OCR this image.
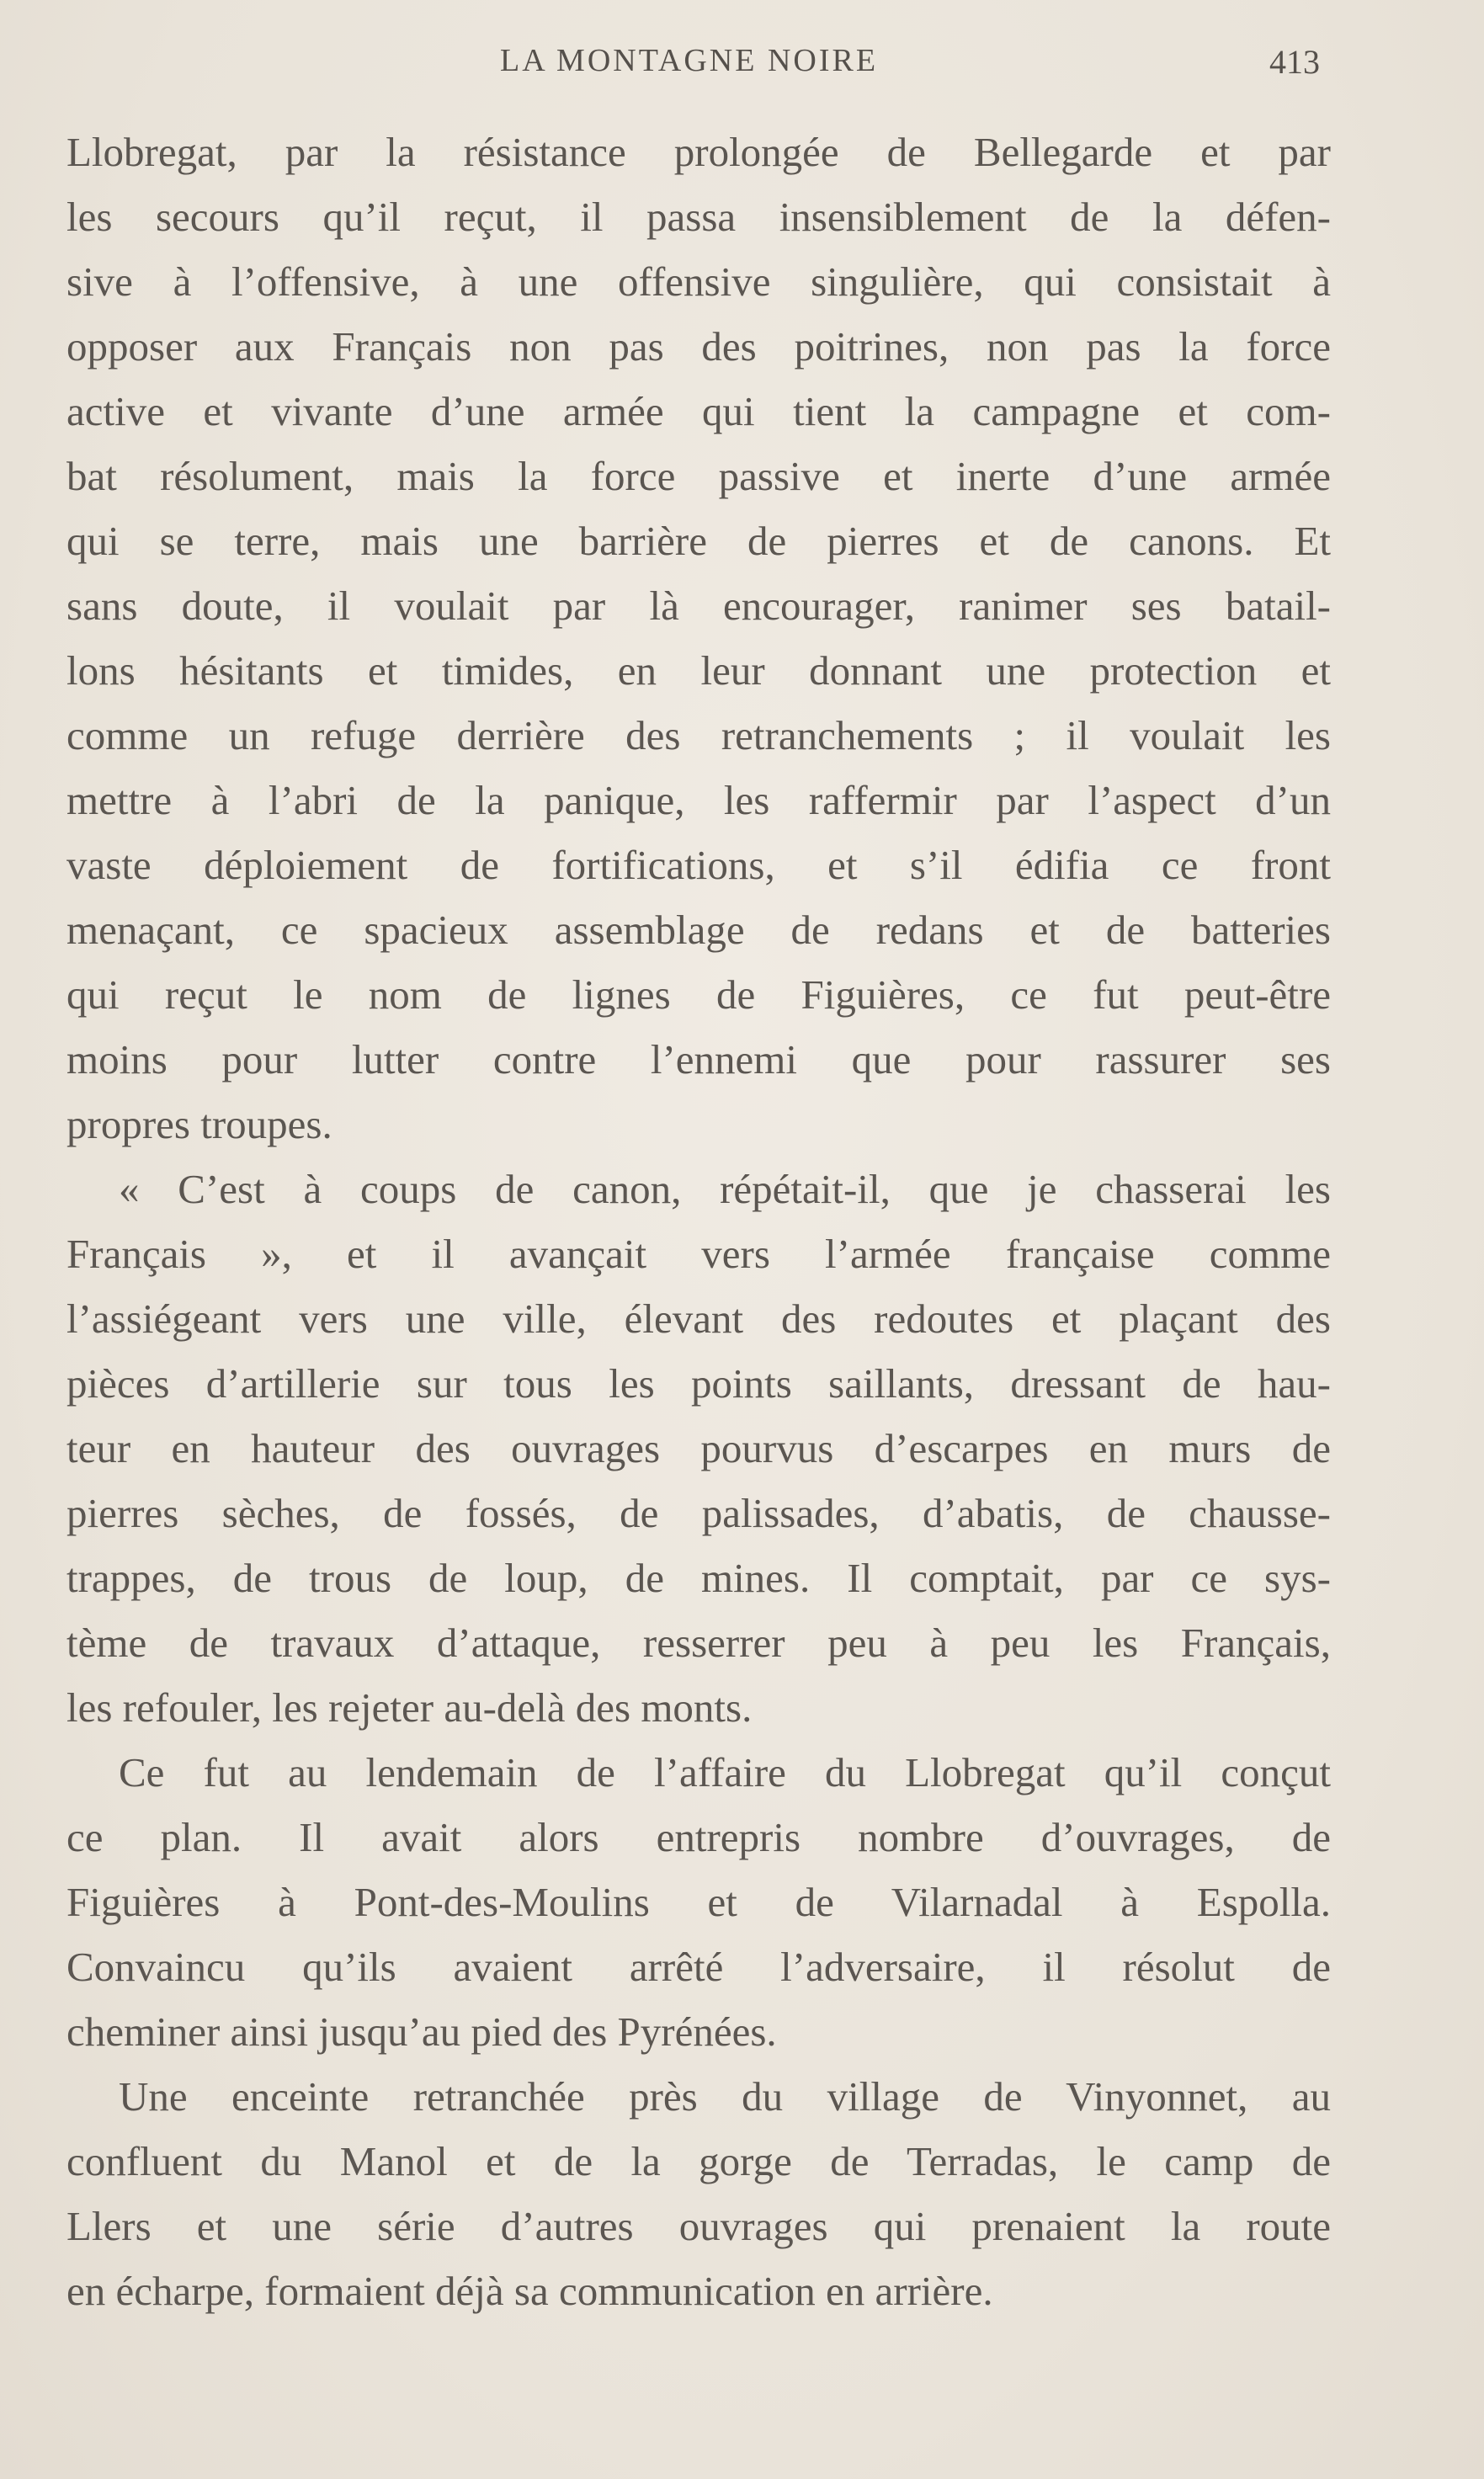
LA MONTAGNE NOIRE	413
Llobregat, par la résistance prolongée de Bellegarde et par
les secours qu’il reçut, il passa insensiblement de la défen-
sive à l’offensive, à une offensive singulière, qui consistait à
opposer aux Français non pas des poitrines, non pas la force
active et vivante d’une armée qui tient la campagne et com-
bat résolument, mais la force passive et inerte d’une armée
qui se terre, mais une barrière de pierres et de canons. Et
sans doute, il voulait par là encourager, ranimer ses batail-
lons hésitants et timides, en leur donnant une protection et
comme un refuge derrière des retranchements ; il voulait les
mettre à l’abri de la panique, les raffermir par l’aspect d’un
vaste déploiement de fortifications, et s’il édifia ce front
menaçant, ce spacieux assemblage de redans et de batteries
qui reçut le nom de lignes de Figuières, ce fut peut-être
moins pour lutter contre l’ennemi que pour rassurer ses
propres troupes.
« C’est à coups de canon, répétait-il, que je chasserai les
Français », et il avançait vers l’armée française comme
l’assiégeant vers une ville, élevant des redoutes et plaçant des
pièces d’artillerie sur tous les points saillants, dressant de hau-
teur en hauteur des ouvrages pourvus d’escarpes en murs de
pierres sèches, de fossés, de palissades, d’abatis, de chausse-
trappes, de trous de loup, de mines. Il comptait, par ce sys-
tème de travaux d’attaque, resserrer peu à peu les Français,
les refouler, les rejeter au-delà des monts.
Ce fut au lendemain de l’affaire du Llobregat qu’il conçut
ce plan. Il avait alors entrepris nombre d’ouvrages, de
Figuières à Pont-des-Moulins et de Vilarnadal à Espolla.
Convaincu qu’ils avaient arrêté l’adversaire, il résolut de
cheminer ainsi jusqu’au pied des Pyrénées.
Une enceinte retranchée près du village de Vinyonnet, au
confluent du Manol et de la gorge de Terradas, le camp de
Llers et une série d’autres ouvrages qui prenaient la route
en écharpe, formaient déjà sa communication en arrière.
